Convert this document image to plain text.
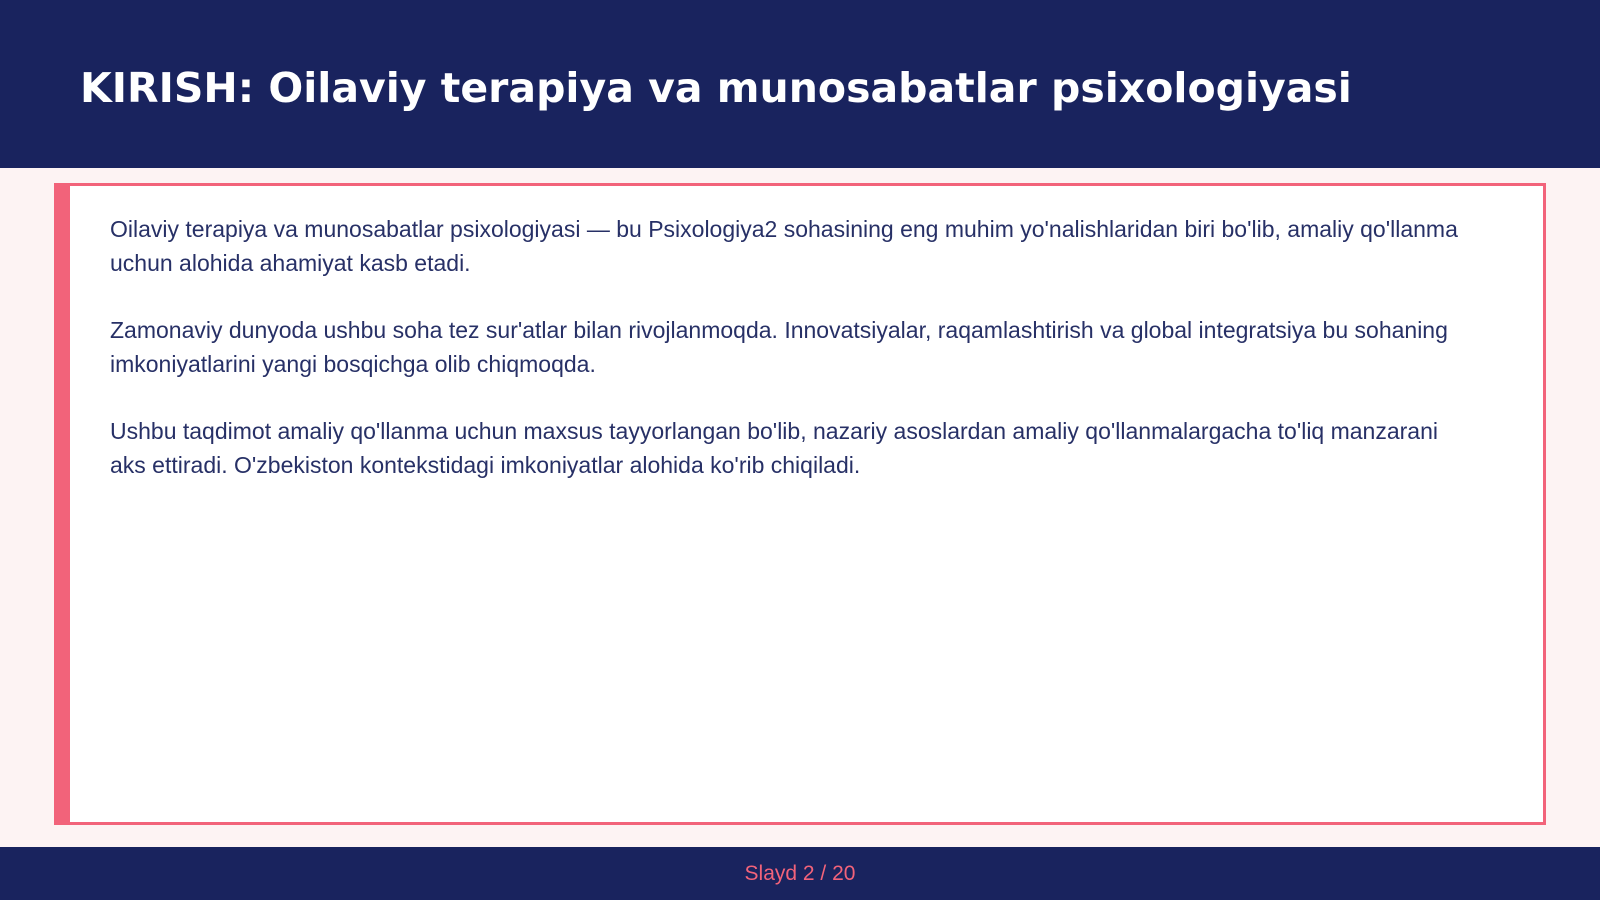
KIRISH: Oilaviy terapiya va munosabatlar psixologiyasi

Oilaviy terapiya va munosabatlar psixologiyasi — bu Psixologiya2 sohasining eng muhim yo'nalishlaridan biri bo'lib, amaliy qo'llanma uchun alohida ahamiyat kasb etadi.

Zamonaviy dunyoda ushbu soha tez sur'atlar bilan rivojlanmoqda. Innovatsiyalar, raqamlashtirish va global integratsiya bu sohaning imkoniyatlarini yangi bosqichga olib chiqmoqda.

Ushbu taqdimot amaliy qo'llanma uchun maxsus tayyorlangan bo'lib, nazariy asoslardan amaliy qo'llanmalargacha to'liq manzarani aks ettiradi. O'zbekiston kontekstidagi imkoniyatlar alohida ko'rib chiqiladi.

Slayd 2 / 20
